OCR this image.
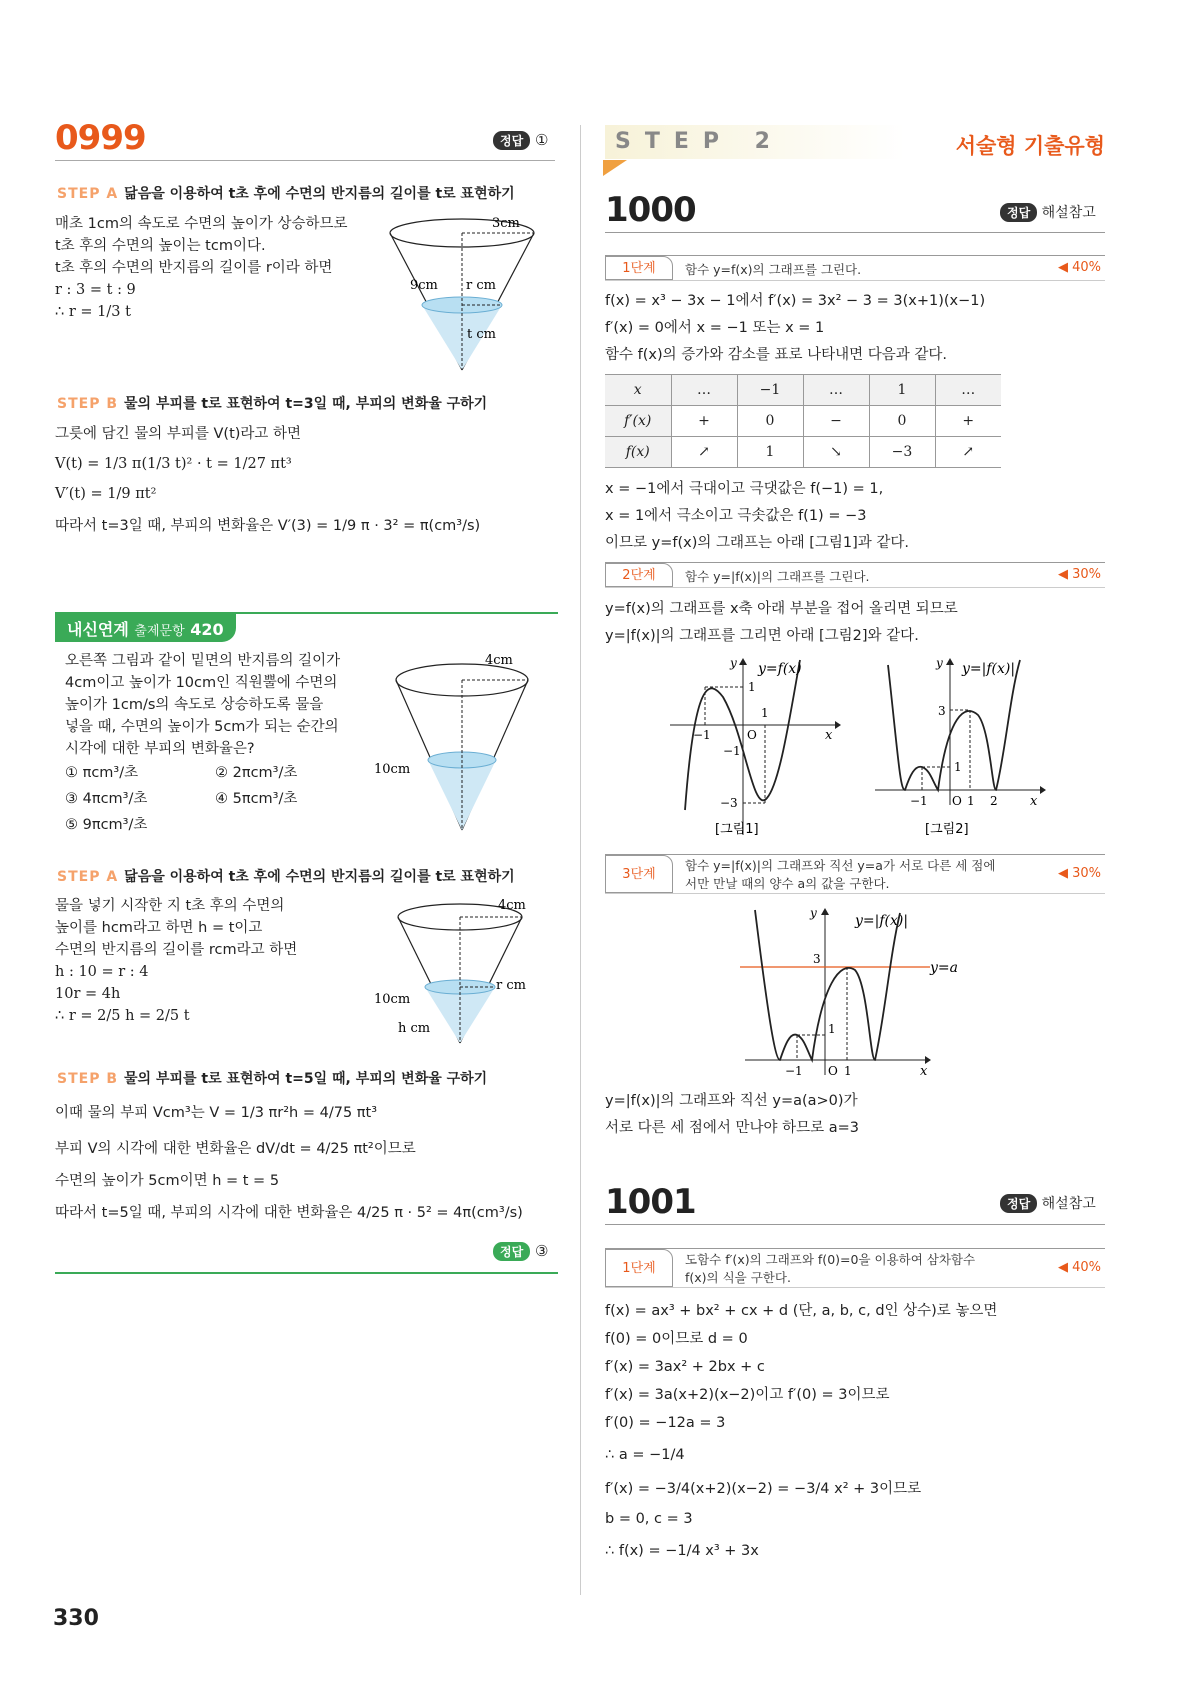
0999	정답 ①
STEP A 닮음을 이용하여 t초 후에 수면의 반지름의 길이를 t로 표현하기
매초 1cm의 속도로 수면의 높이가 상승하므로
t초 후의 수면의 높이는 tcm이다.
t초 후의 수면의 반지름의 길이를 r이라 하면
r : 3 = t : 9
∴ r = 1/3 t
3cm
9cm r cm
t cm
STEP B 물의 부피를 t로 표현하여 t=3일 때, 부피의 변화율 구하기
그릇에 담긴 물의 부피를 V(t)라고 하면
V(t) = 1/3 π(1/3 t)² · t = 1/27 πt³
V′(t) = 1/9 πt²
따라서 t=3일 때, 부피의 변화율은 V′(3) = 1/9 π · 3² = π(cm³/s)
내신연계 출제문항 420
오른쪽 그림과 같이 밑면의 반지름의 길이가
4cm이고 높이가 10cm인 직원뿔에 수면의
높이가 1cm/s의 속도로 상승하도록 물을
넣을 때, 수면의 높이가 5cm가 되는 순간의
시각에 대한 부피의 변화율은?
① πcm³/초	② 2πcm³/초
③ 4πcm³/초	④ 5πcm³/초
⑤ 9πcm³/초
4cm
10cm
STEP A 닮음을 이용하여 t초 후에 수면의 반지름의 길이를 t로 표현하기
물을 넣기 시작한 지 t초 후의 수면의
높이를 hcm라고 하면 h = t이고
수면의 반지름의 길이를 rcm라고 하면
h : 10 = r : 4
10r = 4h
∴ r = 2/5 h = 2/5 t
4cm
10cm
r cm
h cm
STEP B 물의 부피를 t로 표현하여 t=5일 때, 부피의 변화율 구하기
이때 물의 부피 Vcm³는 V = 1/3 πr²h = 4/75 πt³
부피 V의 시각에 대한 변화율은 dV/dt = 4/25 πt²이므로
수면의 높이가 5cm이면 h = t = 5
따라서 t=5일 때, 부피의 시각에 대한 변화율은 4/25 π · 5² = 4π(cm³/s)
정답 ③
330
STEP 2	서술형 기출유형
1000	정답 해설참고
1단계	함수 y=f(x)의 그래프를 그린다.	◀ 40%
f(x) = x³ − 3x − 1에서 f′(x) = 3x² − 3 = 3(x+1)(x−1)
f′(x) = 0에서 x = −1 또는 x = 1
함수 f(x)의 증가와 감소를 표로 나타내면 다음과 같다.
x	…	−1	…	1	…
f′(x)	+	0	−	0	+
f(x)	↗	1	↘	−3	↗
x = −1에서 극대이고 극댓값은 f(−1) = 1,
x = 1에서 극소이고 극솟값은 f(1) = −3
이므로 y=f(x)의 그래프는 아래 [그림1]과 같다.
2단계	함수 y=|f(x)|의 그래프를 그린다.	◀ 30%
y=f(x)의 그래프를 x축 아래 부분을 접어 올리면 되므로
y=|f(x)|의 그래프를 그리면 아래 [그림2]와 같다.
y=f(x)
y
x
1
O
−1
1
−1
−3
[그림1]
y=|f(x)|
y
x
3
1
O
−1	1 2
[그림2]
3단계
함수 y=|f(x)|의 그래프와 직선 y=a가 서로 다른 세 점에
서만 만날 때의 양수 a의 값을 구한다.
◀ 30%
y=|f(x)|
y
y=a
x
3
1
O
−1	1
y=|f(x)|의 그래프와 직선 y=a(a>0)가
서로 다른 세 점에서 만나야 하므로 a=3
1001	정답 해설참고
1단계
도함수 f′(x)의 그래프와 f(0)=0을 이용하여 삼차함수
f(x)의 식을 구한다.
◀ 40%
f(x) = ax³ + bx² + cx + d (단, a, b, c, d인 상수)로 놓으면
f(0) = 0이므로 d = 0
f′(x) = 3ax² + 2bx + c
f′(x) = 3a(x+2)(x−2)이고 f′(0) = 3이므로
f′(0) = −12a = 3
∴ a = −1/4
f′(x) = −3/4(x+2)(x−2) = −3/4 x² + 3이므로
b = 0, c = 3
∴ f(x) = −1/4 x³ + 3x
